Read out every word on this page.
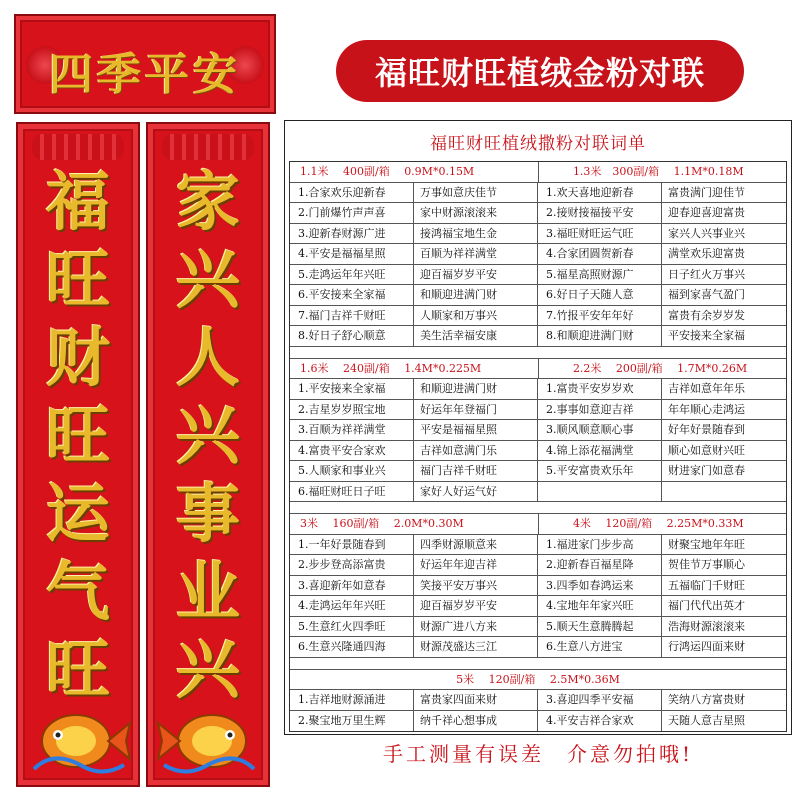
四季平安
福
旺
财
旺
运
气
旺
家
兴
人
兴
事
业
兴
福旺财旺植绒金粉对联
福旺财旺植绒撒粉对联词单
1.1米　 400副/箱　 0.9M*0.15M	1.3米　300副/箱　 1.1M*0.18M
1.合家欢乐迎新春	万事如意庆佳节	1.欢天喜地迎新春	富贵满门迎佳节
2.门前爆竹声声喜	家中财源滚滚来	2.接财接福接平安	迎春迎喜迎富贵
3.迎新春财源广进	接鸿福宝地生金	3.福旺财旺运气旺	家兴人兴事业兴
4.平安是福福星照	百顺为祥祥满堂	4.合家团圆贺新春	满堂欢乐迎富贵
5.走鸿运年年兴旺	迎百福岁岁平安	5.福星高照财源广	日子红火万事兴
6.平安接来全家福	和顺迎进满门财	6.好日子天随人意	福到家喜气盈门
7.福门吉祥千财旺	人顺家和万事兴	7.竹报平安年年好	富贵有余岁岁发
8.好日子舒心顺意	美生活幸福安康	8.和顺迎进满门财	平安接来全家福
1.6米　 240副/箱　 1.4M*0.225M	2.2米　 200副/箱　 1.7M*0.26M
1.平安接来全家福	和顺迎进满门财	1.富贵平安岁岁欢	吉祥如意年年乐
2.吉星岁岁照宝地	好运年年登福门	2.事事如意迎吉祥	年年顺心走鸿运
3.百顺为祥祥满堂	平安是福福星照	3.顺风顺意顺心事	好年好景随春到
4.富贵平安合家欢	吉祥如意满门乐	4.锦上添花福满堂	顺心如意财兴旺
5.人顺家和事业兴	福门吉祥千财旺	5.平安富贵欢乐年	财进家门如意春
6.福旺财旺日子旺	家好人好运气好
3米　 160副/箱　 2.0M*0.30M	4米　 120副/箱　 2.25M*0.33M
1.一年好景随春到	四季财源顺意来	1.福进家门步步高	财聚宝地年年旺
2.步步登高添富贵	好运年年迎吉祥	2.迎新春百福星降	贺佳节万事顺心
3.喜迎新年如意春	笑接平安万事兴	3.四季如春鸿运来	五福临门千财旺
4.走鸿运年年兴旺	迎百福岁岁平安	4.宝地年年家兴旺	福门代代出英才
5.生意红火四季旺	财源广进八方来	5.顺天生意腾腾起	浩海财源滚滚来
6.生意兴隆通四海	财源茂盛达三江	6.生意八方进宝	行鸿运四面来财
5米　 120副/箱　 2.5M*0.36M
1.吉祥地财源涌进	富贵家四面来财	3.喜迎四季平安福	笑纳八方富贵财
2.聚宝地万里生辉	纳千祥心想事成	4.平安吉祥合家欢	天随人意吉星照
手工测量有误差　介意勿拍哦!
